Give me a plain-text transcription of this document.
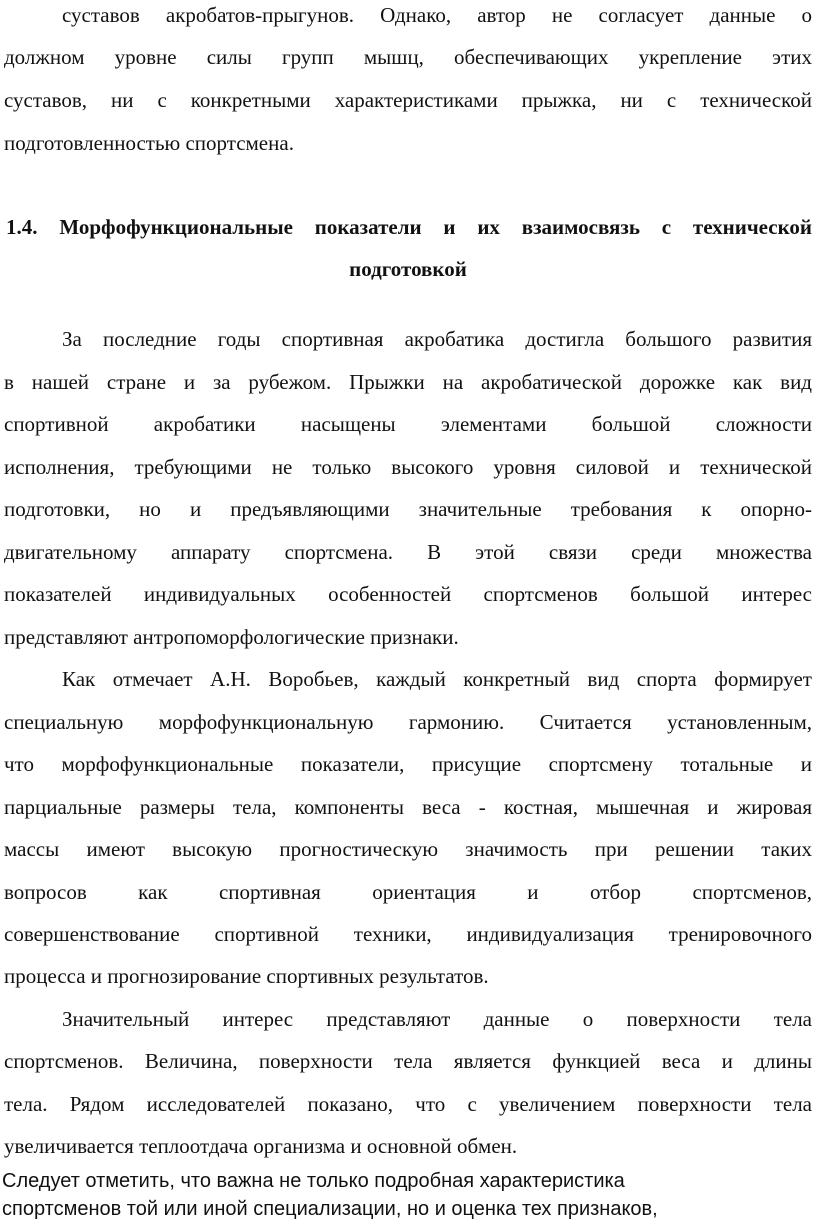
суставов акробатов-прыгунов. Однако, автор не согласует данные о
должном уровне силы групп мышц, обеспечивающих укрепление этих
суставов, ни с конкретными характеристиками прыжка, ни с технической
подготовленностью спортсмена.
1.4. Морфофункциональные показатели и их взаимосвязь с технической
подготовкой
За последние годы спортивная акробатика достигла большого развития
в нашей стране и за рубежом. Прыжки на акробатической дорожке как вид
спортивной акробатики насыщены элементами большой сложности
исполнения, требующими не только высокого уровня силовой и технической
подготовки, но и предъявляющими значительные требования к опорно-
двигательному аппарату спортсмена. В этой связи среди множества
показателей индивидуальных особенностей спортсменов большой интерес
представляют антропоморфологические признаки.
Как отмечает А.Н. Воробьев, каждый конкретный вид спорта формирует
специальную морфофункциональную гармонию. Считается установленным,
что морфофункциональные показатели, присущие спортсмену тотальные и
парциальные размеры тела, компоненты веса - костная, мышечная и жировая
массы имеют высокую прогностическую значимость при решении таких
вопросов как спортивная ориентация и отбор спортсменов,
совершенствование спортивной техники, индивидуализация тренировочного
процесса и прогнозирование спортивных результатов.
Значительный интерес представляют данные о поверхности тела
спортсменов. Величина, поверхности тела является функцией веса и длины
тела. Рядом исследователей показано, что с увеличением поверхности тела
увеличивается теплоотдача организма и основной обмен.
Следует отметить, что важна не только подробная характеристика
спортсменов той или иной специализации, но и оценка тех признаков,
